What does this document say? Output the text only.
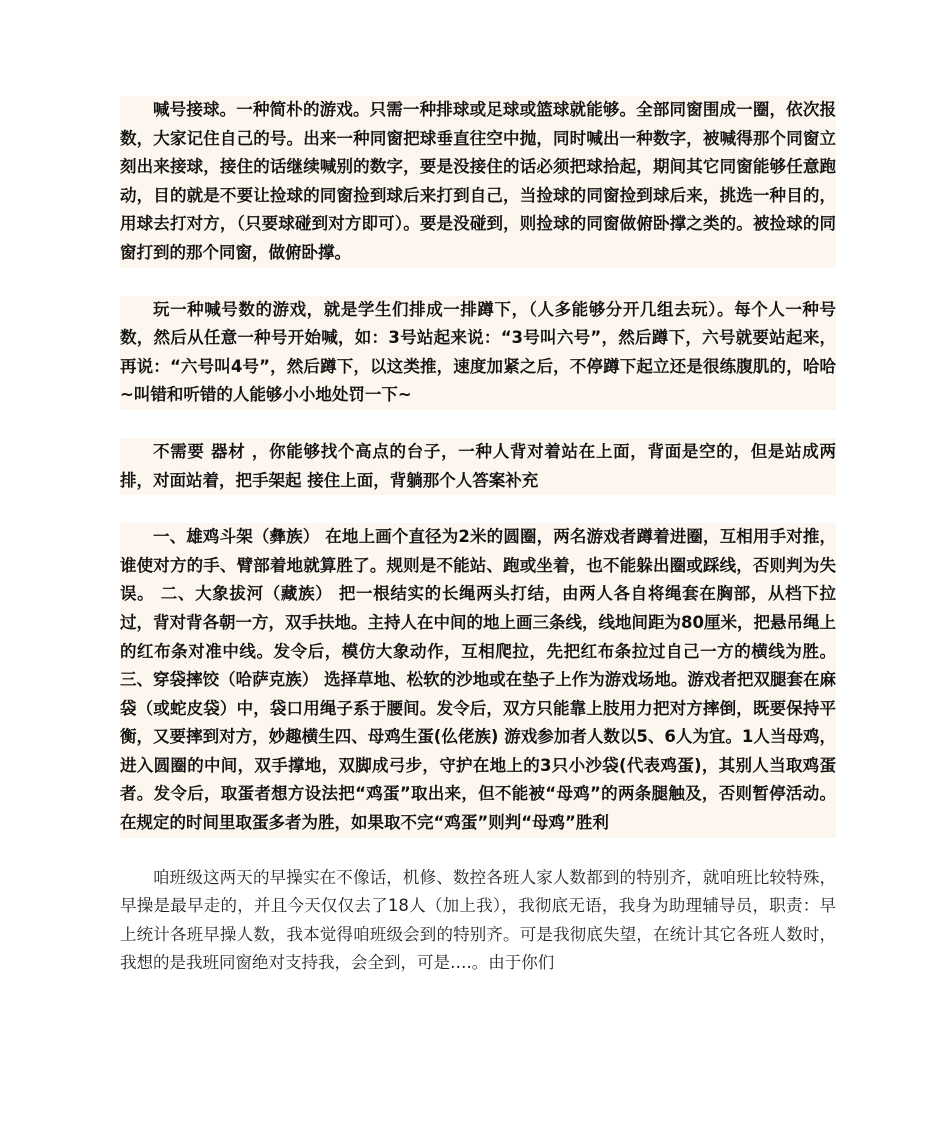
喊号接球。一种简朴的游戏。只需一种排球或足球或篮球就能够。全部同窗围成一圈，依次报数，大家记住自己的号。出来一种同窗把球垂直往空中抛，同时喊出一种数字，被喊得那个同窗立刻出来接球，接住的话继续喊别的数字，要是没接住的话必须把球拾起，期间其它同窗能够任意跑动，目的就是不要让捡球的同窗捡到球后来打到自己，当捡球的同窗捡到球后来，挑选一种目的，用球去打对方，（只要球碰到对方即可）。要是没碰到，则捡球的同窗做俯卧撑之类的。被捡球的同窗打到的那个同窗，做俯卧撑。

玩一种喊号数的游戏，就是学生们排成一排蹲下，（人多能够分开几组去玩）。每个人一种号数，然后从任意一种号开始喊，如：3号站起来说：“3号叫六号”，然后蹲下，六号就要站起来，再说：“六号叫4号”，然后蹲下，以这类推，速度加紧之后，不停蹲下起立还是很练腹肌的，哈哈~叫错和听错的人能够小小地处罚一下~

不需要 器材 ，你能够找个高点的台子，一种人背对着站在上面，背面是空的，但是站成两排，对面站着，把手架起 接住上面，背躺那个人答案补充

一、雄鸡斗架（彝族） 在地上画个直径为2米的圆圈，两名游戏者蹲着进圈，互相用手对推，谁使对方的手、臂部着地就算胜了。规则是不能站、跑或坐着，也不能躲出圈或踩线，否则判为失误。 二、大象拔河（藏族） 把一根结实的长绳两头打结，由两人各自将绳套在胸部，从档下拉过，背对背各朝一方，双手扶地。主持人在中间的地上画三条线，线地间距为80厘米，把悬吊绳上的红布条对准中线。发令后，模仿大象动作，互相爬拉，先把红布条拉过自己一方的横线为胜。 三、穿袋摔饺（哈萨克族） 选择草地、松软的沙地或在垫子上作为游戏场地。游戏者把双腿套在麻袋（或蛇皮袋）中，袋口用绳子系于腰间。发令后，双方只能靠上肢用力把对方摔倒，既要保持平衡，又要摔到对方，妙趣横生四、母鸡生蛋(仫佬族) 游戏参加者人数以5、6人为宜。1人当母鸡，进入圆圈的中间，双手撑地，双脚成弓步，守护在地上的3只小沙袋(代表鸡蛋)，其别人当取鸡蛋者。发令后，取蛋者想方设法把“鸡蛋”取出来，但不能被“母鸡”的两条腿触及，否则暂停活动。在规定的时间里取蛋多者为胜，如果取不完“鸡蛋”则判“母鸡”胜利

咱班级这两天的早操实在不像话，机修、数控各班人家人数都到的特别齐，就咱班比较特殊，早操是最早走的，并且今天仅仅去了18人（加上我），我彻底无语，我身为助理辅导员，职责：早上统计各班早操人数，我本觉得咱班级会到的特别齐。可是我彻底失望，在统计其它各班人数时，我想的是我班同窗绝对支持我，会全到，可是….。由于你们
